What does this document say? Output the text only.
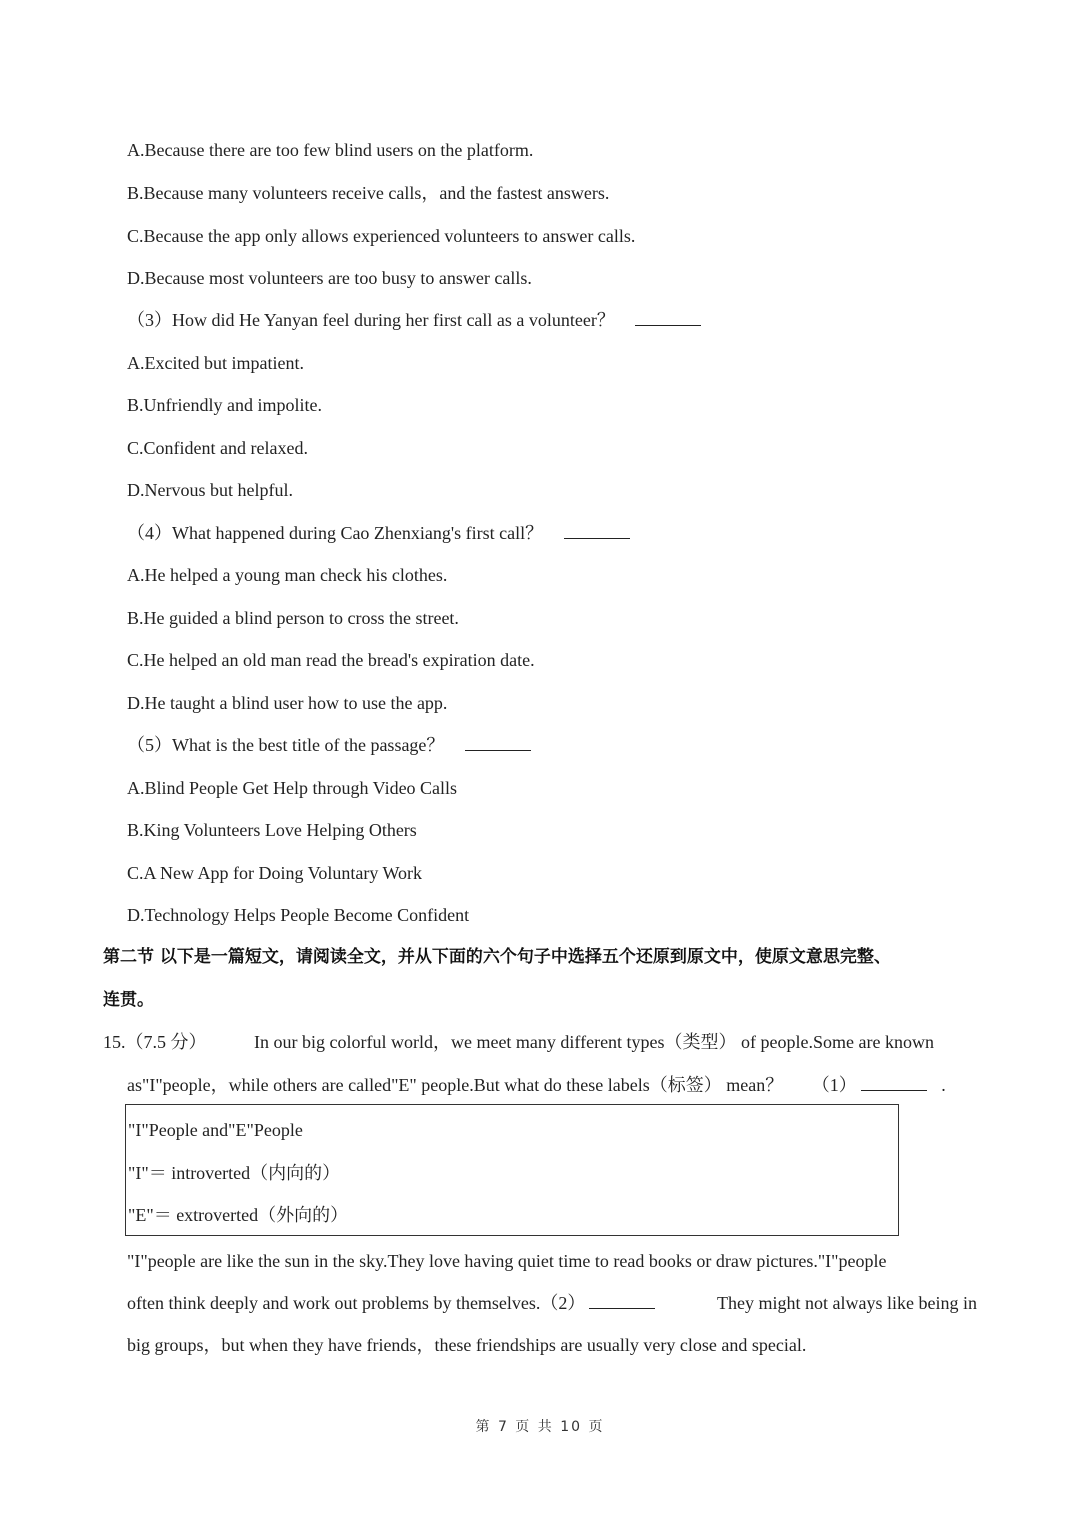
A.Because there are too few blind users on the platform.
B.Because many volunteers receive calls，and the fastest answers.
C.Because the app only allows experienced volunteers to answer calls.
D.Because most volunteers are too busy to answer calls.
（3）How did He Yanyan feel during her first call as a volunteer？
A.Excited but impatient.
B.Unfriendly and impolite.
C.Confident and relaxed.
D.Nervous but helpful.
（4）What happened during Cao Zhenxiang's first call？
A.He helped a young man check his clothes.
B.He guided a blind person to cross the street.
C.He helped an old man read the bread's expiration date.
D.He taught a blind user how to use the app.
（5）What is the best title of the passage？
A.Blind People Get Help through Video Calls
B.King Volunteers Love Helping Others
C.A New App for Doing Voluntary Work
D.Technology Helps People Become Confident
第二节 以下是一篇短文，请阅读全文，并从下面的六个句子中选择五个还原到原文中，使原文意思完整、
连贯。
15.（7.5 分）	In our big colorful world，we meet many different types（类型） of people.Some are known
as"I"people，while others are called"E" people.But what do these labels（标签） mean？ （1）	.
"I"People and"E"People
"I"＝ introverted（内向的）
"E"＝ extroverted（外向的）
"I"people are like the sun in the sky.They love having quiet time to read books or draw pictures."I"people
often think deeply and work out problems by themselves.（2）	They might not always like being in
big groups，but when they have friends，these friendships are usually very close and special.
第 7 页 共 10 页
